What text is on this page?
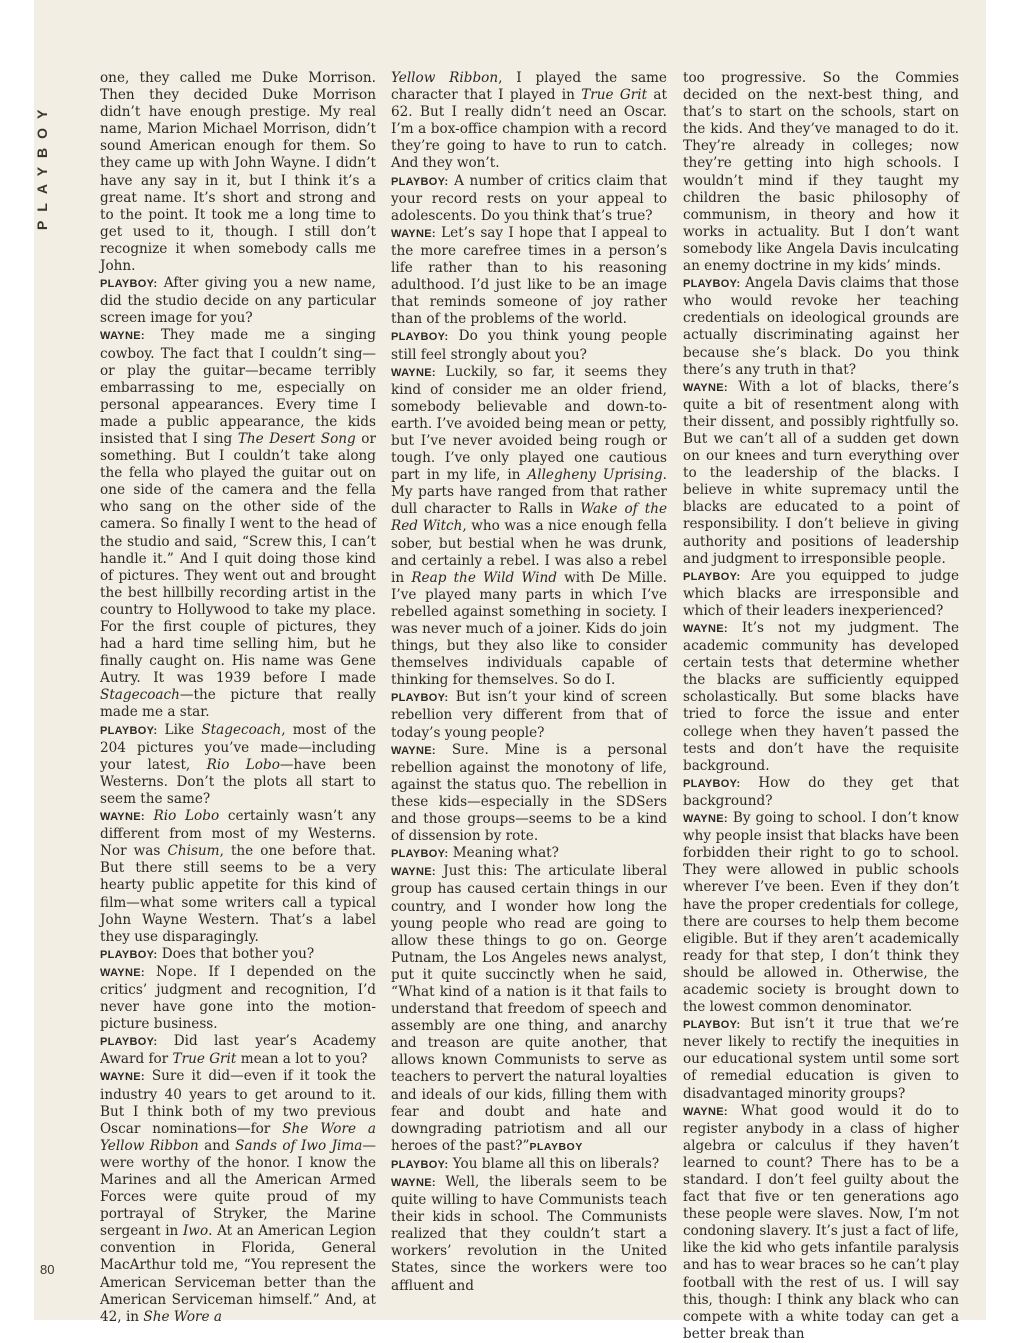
PLAYBOY

one, they called me Duke Morrison. Then they decided Duke Morrison didn’t have enough prestige. My real name, Marion Michael Morrison, didn’t sound American enough for them. So they came up with John Wayne. I didn’t have any say in it, but I think it’s a great name. It’s short and strong and to the point. It took me a long time to get used to it, though. I still don’t recognize it when somebody calls me John.

PLAYBOY: After giving you a new name, did the studio decide on any particular screen image for you?

WAYNE: They made me a singing cowboy. The fact that I couldn’t sing—or play the guitar—became terribly embarrassing to me, especially on personal appearances. Every time I made a public appearance, the kids insisted that I sing The Desert Song or something. But I couldn’t take along the fella who played the guitar out on one side of the camera and the fella who sang on the other side of the camera. So finally I went to the head of the studio and said, “Screw this, I can’t handle it.” And I quit doing those kind of pictures. They went out and brought the best hillbilly recording artist in the country to Hollywood to take my place. For the first couple of pictures, they had a hard time selling him, but he finally caught on. His name was Gene Autry. It was 1939 before I made Stagecoach—the picture that really made me a star.

PLAYBOY: Like Stagecoach, most of the 204 pictures you’ve made—including your latest, Rio Lobo—have been Westerns. Don’t the plots all start to seem the same?

WAYNE: Rio Lobo certainly wasn’t any different from most of my Westerns. Nor was Chisum, the one before that. But there still seems to be a very hearty public appetite for this kind of film—what some writers call a typical John Wayne Western. That’s a label they use disparagingly.

PLAYBOY: Does that bother you?

WAYNE: Nope. If I depended on the critics’ judgment and recognition, I’d never have gone into the motion-picture business.

PLAYBOY: Did last year’s Academy Award for True Grit mean a lot to you?

WAYNE: Sure it did—even if it took the industry 40 years to get around to it. But I think both of my two previous Oscar nominations—for She Wore a Yellow Ribbon and Sands of Iwo Jima—were worthy of the honor. I know the Marines and all the American Armed Forces were quite proud of my portrayal of Stryker, the Marine sergeant in Iwo. At an American Legion convention in Florida, General MacArthur told me, “You represent the American Serviceman better than the American Serviceman himself.” And, at 42, in She Wore a

Yellow Ribbon, I played the same character that I played in True Grit at 62. But I really didn’t need an Oscar. I’m a box-office champion with a record they’re going to have to run to catch. And they won’t.

PLAYBOY: A number of critics claim that your record rests on your appeal to adolescents. Do you think that’s true?

WAYNE: Let’s say I hope that I appeal to the more carefree times in a person’s life rather than to his reasoning adulthood. I’d just like to be an image that reminds someone of joy rather than of the problems of the world.

PLAYBOY: Do you think young people still feel strongly about you?

WAYNE: Luckily, so far, it seems they kind of consider me an older friend, somebody believable and down-to-earth. I’ve avoided being mean or petty, but I’ve never avoided being rough or tough. I’ve only played one cautious part in my life, in Allegheny Uprising. My parts have ranged from that rather dull character to Ralls in Wake of the Red Witch, who was a nice enough fella sober, but bestial when he was drunk, and certainly a rebel. I was also a rebel in Reap the Wild Wind with De Mille. I’ve played many parts in which I’ve rebelled against something in society. I was never much of a joiner. Kids do join things, but they also like to consider themselves individuals capable of thinking for themselves. So do I.

PLAYBOY: But isn’t your kind of screen rebellion very different from that of today’s young people?

WAYNE: Sure. Mine is a personal rebellion against the monotony of life, against the status quo. The rebellion in these kids—especially in the SDSers and those groups—seems to be a kind of dissension by rote.

PLAYBOY: Meaning what?

WAYNE: Just this: The articulate liberal group has caused certain things in our country, and I wonder how long the young people who read are going to allow these things to go on. George Putnam, the Los Angeles news analyst, put it quite succinctly when he said, “What kind of a nation is it that fails to understand that freedom of speech and assembly are one thing, and anarchy and treason are quite another, that allows known Communists to serve as teachers to pervert the natural loyalties and ideals of our kids, filling them with fear and doubt and hate and downgrading patriotism and all our heroes of the past?”PLAYBOY

PLAYBOY: You blame all this on liberals?

WAYNE: Well, the liberals seem to be quite willing to have Communists teach their kids in school. The Communists realized that they couldn’t start a workers’ revolution in the United States, since the workers were too affluent and

too progressive. So the Commies decided on the next-best thing, and that’s to start on the schools, start on the kids. And they’ve managed to do it. They’re already in colleges; now they’re getting into high schools. I wouldn’t mind if they taught my children the basic philosophy of communism, in theory and how it works in actuality. But I don’t want somebody like Angela Davis inculcating an enemy doctrine in my kids’ minds.

PLAYBOY: Angela Davis claims that those who would revoke her teaching credentials on ideological grounds are actually discriminating against her because she’s black. Do you think there’s any truth in that?

WAYNE: With a lot of blacks, there’s quite a bit of resentment along with their dissent, and possibly rightfully so. But we can’t all of a sudden get down on our knees and turn everything over to the leadership of the blacks. I believe in white supremacy until the blacks are educated to a point of responsibility. I don’t believe in giving authority and positions of leadership and judgment to irresponsible people.

PLAYBOY: Are you equipped to judge which blacks are irresponsible and which of their leaders inexperienced?

WAYNE: It’s not my judgment. The academic community has developed certain tests that determine whether the blacks are sufficiently equipped scholastically. But some blacks have tried to force the issue and enter college when they haven’t passed the tests and don’t have the requisite background.

PLAYBOY: How do they get that background?

WAYNE: By going to school. I don’t know why people insist that blacks have been forbidden their right to go to school. They were allowed in public schools wherever I’ve been. Even if they don’t have the proper credentials for college, there are courses to help them become eligible. But if they aren’t academically ready for that step, I don’t think they should be allowed in. Otherwise, the academic society is brought down to the lowest common denominator.

PLAYBOY: But isn’t it true that we’re never likely to rectify the inequities in our educational system until some sort of remedial education is given to disadvantaged minority groups?

WAYNE: What good would it do to register anybody in a class of higher algebra or calculus if they haven’t learned to count? There has to be a standard. I don’t feel guilty about the fact that five or ten generations ago these people were slaves. Now, I’m not condoning slavery. It’s just a fact of life, like the kid who gets infantile paralysis and has to wear braces so he can’t play football with the rest of us. I will say this, though: I think any black who can compete with a white today can get a better break than

80
